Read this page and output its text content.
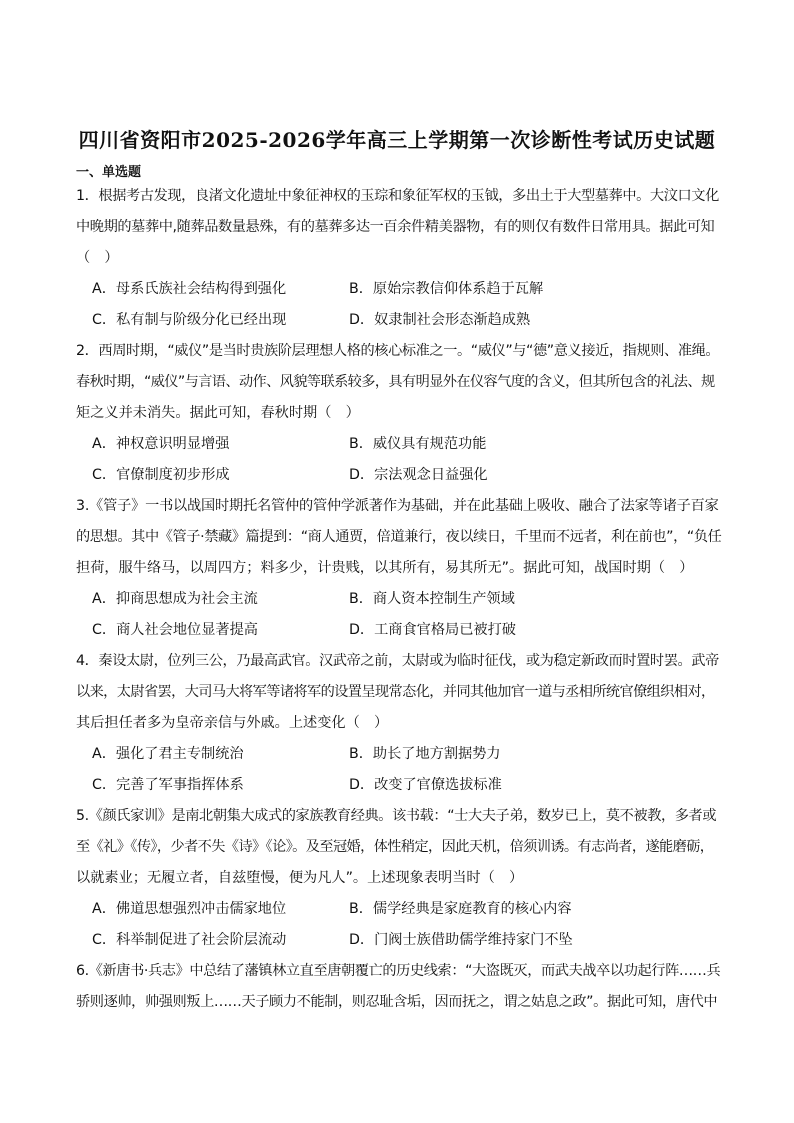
四川省资阳市2025-2026学年高三上学期第一次诊断性考试历史试题
一、单选题
1．根据考古发现，良渚文化遗址中象征神权的玉琮和象征军权的玉钺，多出土于大型墓葬中。大汶口文化
中晚期的墓葬中,随葬品数量悬殊，有的墓葬多达一百余件精美器物，有的则仅有数件日常用具。据此可知
（　）
A．母系氏族社会结构得到强化	B．原始宗教信仰体系趋于瓦解
C．私有制与阶级分化已经出现	D．奴隶制社会形态渐趋成熟
2．西周时期，“威仪”是当时贵族阶层理想人格的核心标准之一。“威仪”与“德”意义接近，指规则、准绳。
春秋时期，“威仪”与言语、动作、风貌等联系较多，具有明显外在仪容气度的含义，但其所包含的礼法、规
矩之义并未消失。据此可知，春秋时期（　）
A．神权意识明显增强	B．威仪具有规范功能
C．官僚制度初步形成	D．宗法观念日益强化
3.《管子》一书以战国时期托名管仲的管仲学派著作为基础，并在此基础上吸收、融合了法家等诸子百家
的思想。其中《管子·禁藏》篇提到：“商人通贾，倍道兼行，夜以续日，千里而不远者，利在前也”，“负任
担荷，服牛络马，以周四方；料多少，计贵贱，以其所有，易其所无”。据此可知，战国时期（　）
A．抑商思想成为社会主流	B．商人资本控制生产领域
C．商人社会地位显著提高	D．工商食官格局已被打破
4．秦设太尉，位列三公，乃最高武官。汉武帝之前，太尉或为临时征伐，或为稳定新政而时置时罢。武帝
以来，太尉省罢，大司马大将军等诸将军的设置呈现常态化，并同其他加官一道与丞相所统官僚组织相对，
其后担任者多为皇帝亲信与外戚。上述变化（　）
A．强化了君主专制统治	B．助长了地方割据势力
C．完善了军事指挥体系	D．改变了官僚选拔标准
5.《颜氏家训》是南北朝集大成式的家族教育经典。该书载：“士大夫子弟，数岁已上，莫不被教，多者或
至《礼》《传》，少者不失《诗》《论》。及至冠婚，体性稍定，因此天机，倍须训诱。有志尚者，遂能磨砺，
以就素业；无履立者，自兹堕慢，便为凡人”。上述现象表明当时（　）
A．佛道思想强烈冲击儒家地位	B．儒学经典是家庭教育的核心内容
C．科举制促进了社会阶层流动	D．门阀士族借助儒学维持家门不坠
6.《新唐书·兵志》中总结了藩镇林立直至唐朝覆亡的历史线索：“大盗既灭，而武夫战卒以功起行阵……兵
骄则逐帅，帅强则叛上……天子顾力不能制，则忍耻含垢，因而抚之，谓之姑息之政”。据此可知，唐代中
